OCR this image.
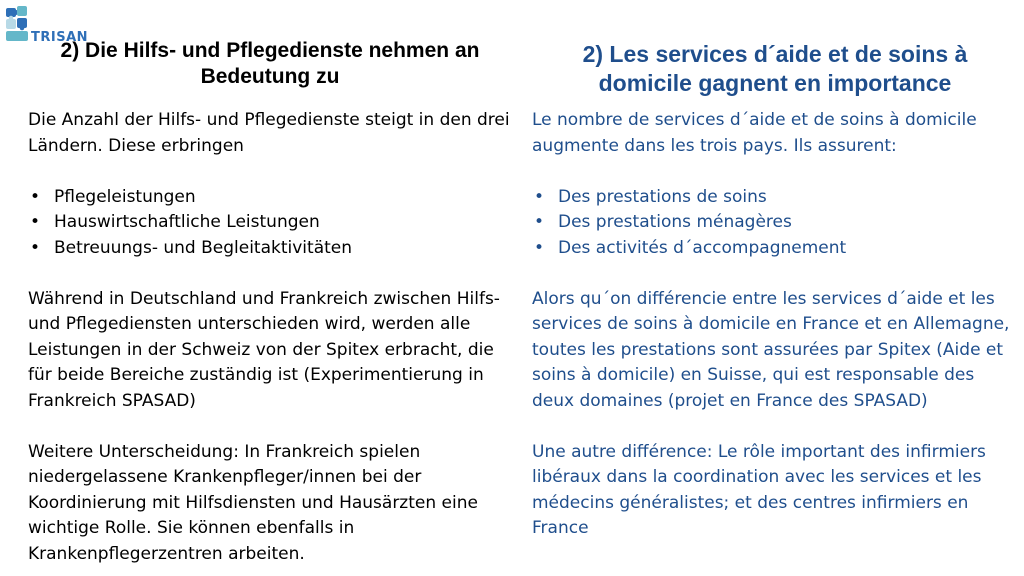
TRISAN
2) Die Hilfs- und Pflegedienste nehmen an Bedeutung zu

Die Anzahl der Hilfs- und Pflegedienste steigt in den drei Ländern. Diese erbringen

• Pflegeleistungen
• Hauswirtschaftliche Leistungen
• Betreuungs- und Begleitaktivitäten

Während in Deutschland und Frankreich zwischen Hilfs- und Pflegediensten unterschieden wird, werden alle Leistungen in der Schweiz von der Spitex erbracht, die für beide Bereiche zuständig ist (Experimentierung in Frankreich SPASAD)

Weitere Unterscheidung: In Frankreich spielen niedergelassene Krankenpfleger/innen bei der Koordinierung mit Hilfsdiensten und Hausärzten eine wichtige Rolle. Sie können ebenfalls in Krankenpflegerzentren arbeiten.

2) Les services d´aide et de soins à domicile gagnent en importance

Le nombre de services d´aide et de soins à domicile augmente dans les trois pays. Ils assurent:

• Des prestations de soins
• Des prestations ménagères
• Des activités d´accompagnement

Alors qu´on différencie entre les services d´aide et les services de soins à domicile en France et en Allemagne, toutes les prestations sont assurées par Spitex (Aide et soins à domicile) en Suisse, qui est responsable des deux domaines (projet en France des SPASAD)

Une autre différence: Le rôle important des infirmiers libéraux dans la coordination avec les services et les médecins généralistes; et des centres infirmiers en France
